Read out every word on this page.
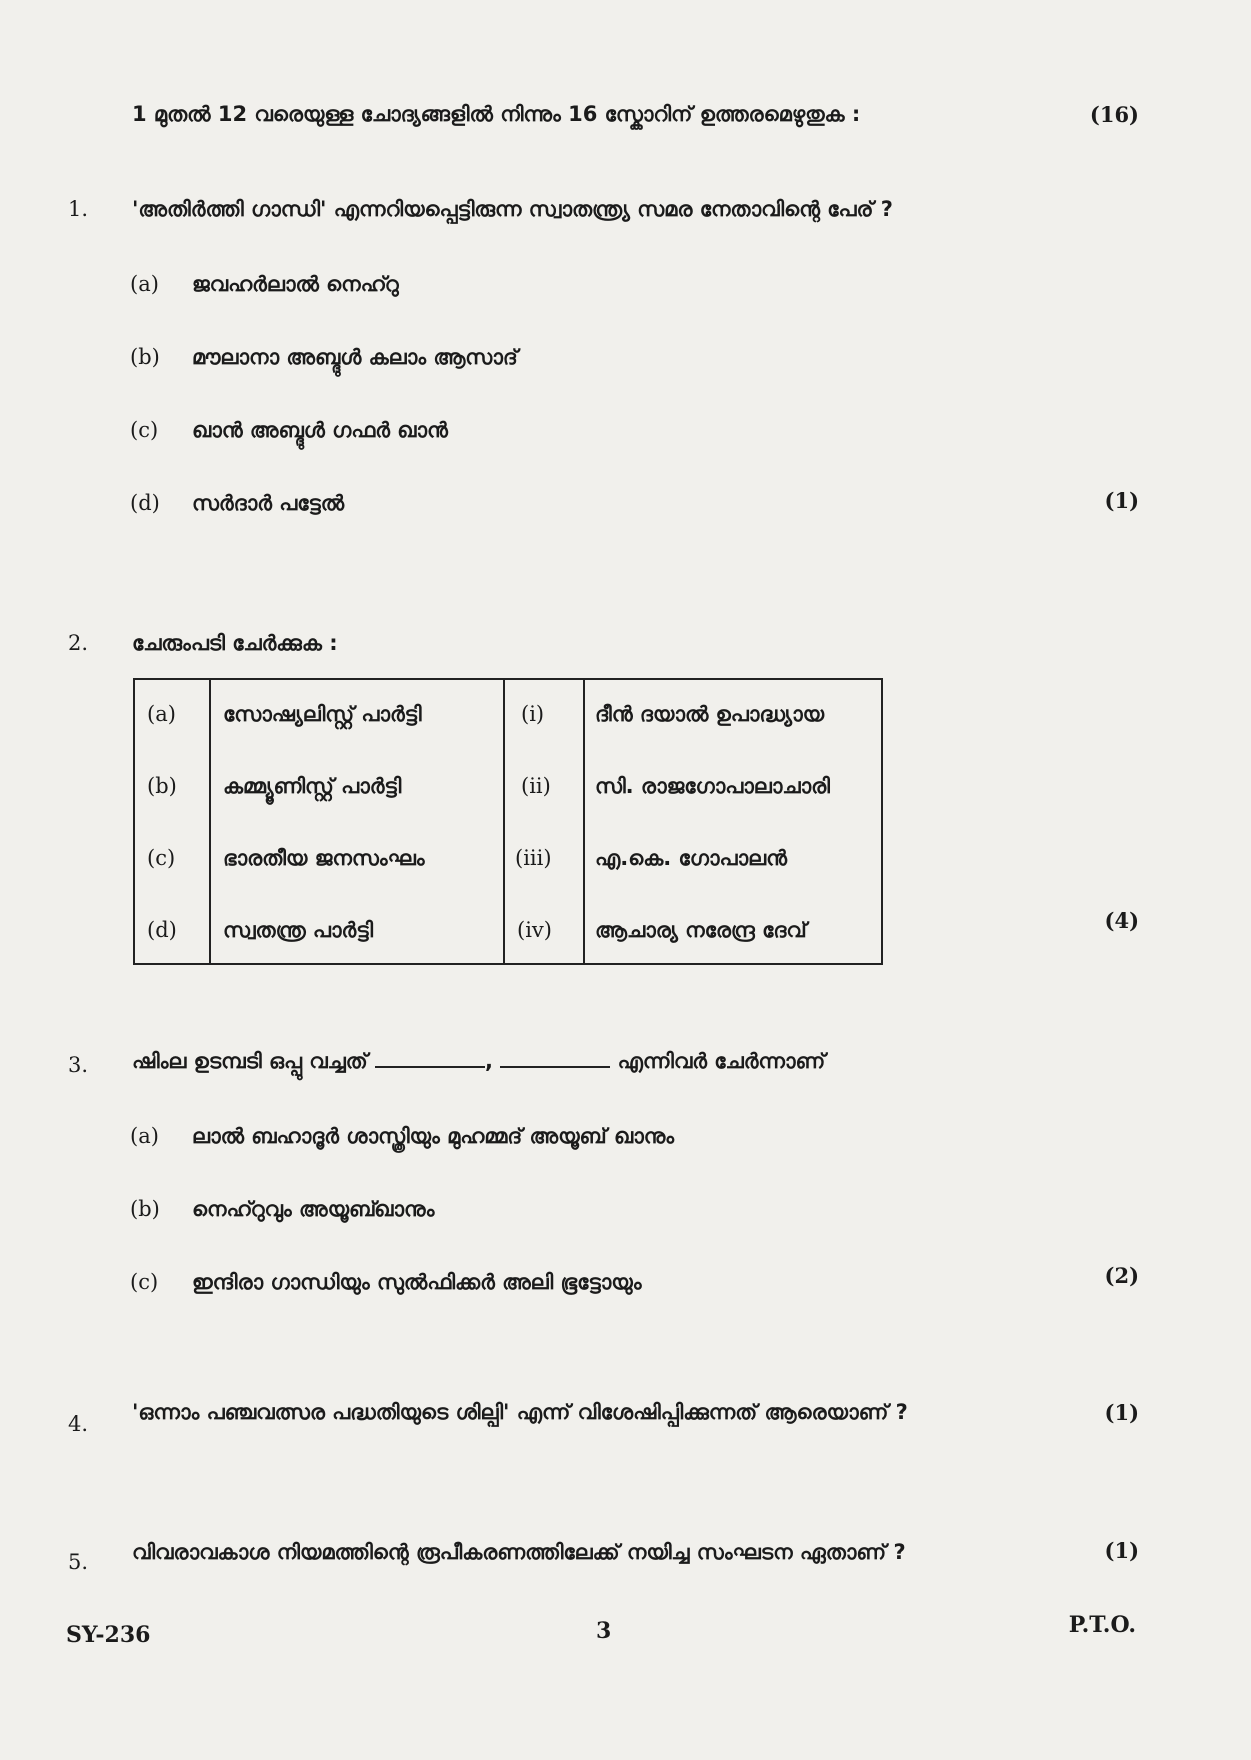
1 മുതൽ 12 വരെയുള്ള ചോദ്യങ്ങളിൽ നിന്നും 16 സ്കോറിന് ഉത്തരമെഴുതുക :	(16)
1. 'അതിർത്തി ഗാന്ധി' എന്നറിയപ്പെട്ടിരുന്ന സ്വാതന്ത്ര്യ സമര നേതാവിന്റെ പേര് ?
(a) ജവഹർലാൽ നെഹ്റു
(b) മൗലാനാ അബ്ദുൾ കലാം ആസാദ്
(c) ഖാൻ അബ്ദുൾ ഗഫർ ഖാൻ
(d) സർദാർ പട്ടേൽ	(1)
2. ചേരുംപടി ചേർക്കുക :
(a) സോഷ്യലിസ്റ്റ് പാർട്ടി	(i) ദീൻ ദയാൽ ഉപാദ്ധ്യായ
(b) കമ്മ്യൂണിസ്റ്റ് പാർട്ടി	(ii) സി. രാജഗോപാലാചാരി
(c) ഭാരതീയ ജനസംഘം	(iii) എ.കെ. ഗോപാലൻ
(d) സ്വതന്ത്ര പാർട്ടി	(iv) ആചാര്യ നരേന്ദ്ര ദേവ്	(4)
3. ഷിംല ഉടമ്പടി ഒപ്പു വച്ചത്	,	എന്നിവർ ചേർന്നാണ്
(a) ലാൽ ബഹാദൂർ ശാസ്ത്രിയും മുഹമ്മദ് അയൂബ് ഖാനും
(b) നെഹ്റുവും അയൂബ്ഖാനും
(c) ഇന്ദിരാ ഗാന്ധിയും സുൽഫിക്കർ അലി ഭൂട്ടോയും	(2)
4. 'ഒന്നാം പഞ്ചവത്സര പദ്ധതിയുടെ ശില്പി' എന്ന് വിശേഷിപ്പിക്കുന്നത് ആരെയാണ് ?	(1)
5. വിവരാവകാശ നിയമത്തിന്റെ രൂപീകരണത്തിലേക്ക് നയിച്ച സംഘടന ഏതാണ് ?	(1)
SY-236	3	P.T.O.
